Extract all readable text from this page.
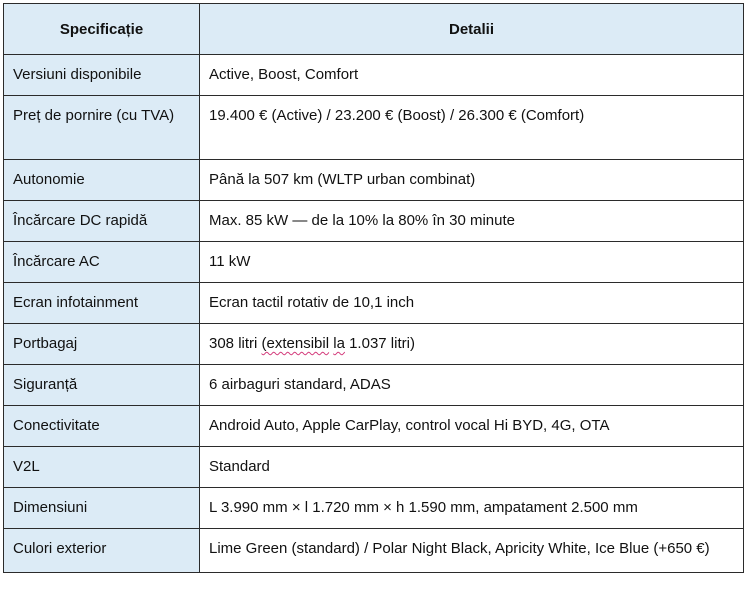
Specificație	Detalii
Versiuni disponibile	Active, Boost, Comfort
Preț de pornire (cu TVA)	19.400 € (Active) / 23.200 € (Boost) / 26.300 € (Comfort)
Autonomie	Până la 507 km (WLTP urban combinat)
Încărcare DC rapidă	Max. 85 kW — de la 10% la 80% în 30 minute
Încărcare AC	11 kW
Ecran infotainment	Ecran tactil rotativ de 10,1 inch
Portbagaj	308 litri (extensibil la 1.037 litri)
Siguranță	6 airbaguri standard, ADAS
Conectivitate	Android Auto, Apple CarPlay, control vocal Hi BYD, 4G, OTA
V2L	Standard
Dimensiuni	L 3.990 mm × l 1.720 mm × h 1.590 mm, ampatament 2.500 mm
Culori exterior	Lime Green (standard) / Polar Night Black, Apricity White, Ice Blue (+650 €)
